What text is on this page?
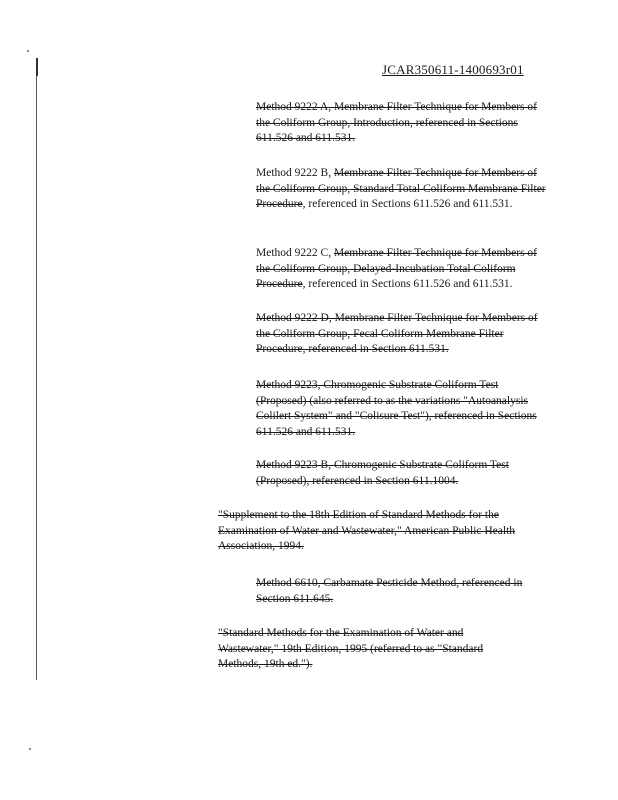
JCAR350611-1400693r01
Method 9222 A, Membrane Filter Technique for Members of the Coliform Group, Introduction, referenced in Sections 611.526 and 611.531.
Method 9222 B, Membrane Filter Technique for Members of the Coliform Group, Standard Total Coliform Membrane Filter Procedure, referenced in Sections 611.526 and 611.531.
Method 9222 C, Membrane Filter Technique for Members of the Coliform Group, Delayed-Incubation Total Coliform Procedure, referenced in Sections 611.526 and 611.531.
Method 9222 D, Membrane Filter Technique for Members of the Coliform Group, Fecal Coliform Membrane Filter Procedure, referenced in Section 611.531.
Method 9223, Chromogenic Substrate Coliform Test (Proposed) (also referred to as the variations "Autoanalysis Colilert System" and "Colisure Test"), referenced in Sections 611.526 and 611.531.
Method 9223 B, Chromogenic Substrate Coliform Test (Proposed), referenced in Section 611.1004.
"Supplement to the 18th Edition of Standard Methods for the Examination of Water and Wastewater," American Public Health Association, 1994.
Method 6610, Carbamate Pesticide Method, referenced in Section 611.645.
"Standard Methods for the Examination of Water and Wastewater," 19th Edition, 1995 (referred to as "Standard Methods, 19th ed.").
